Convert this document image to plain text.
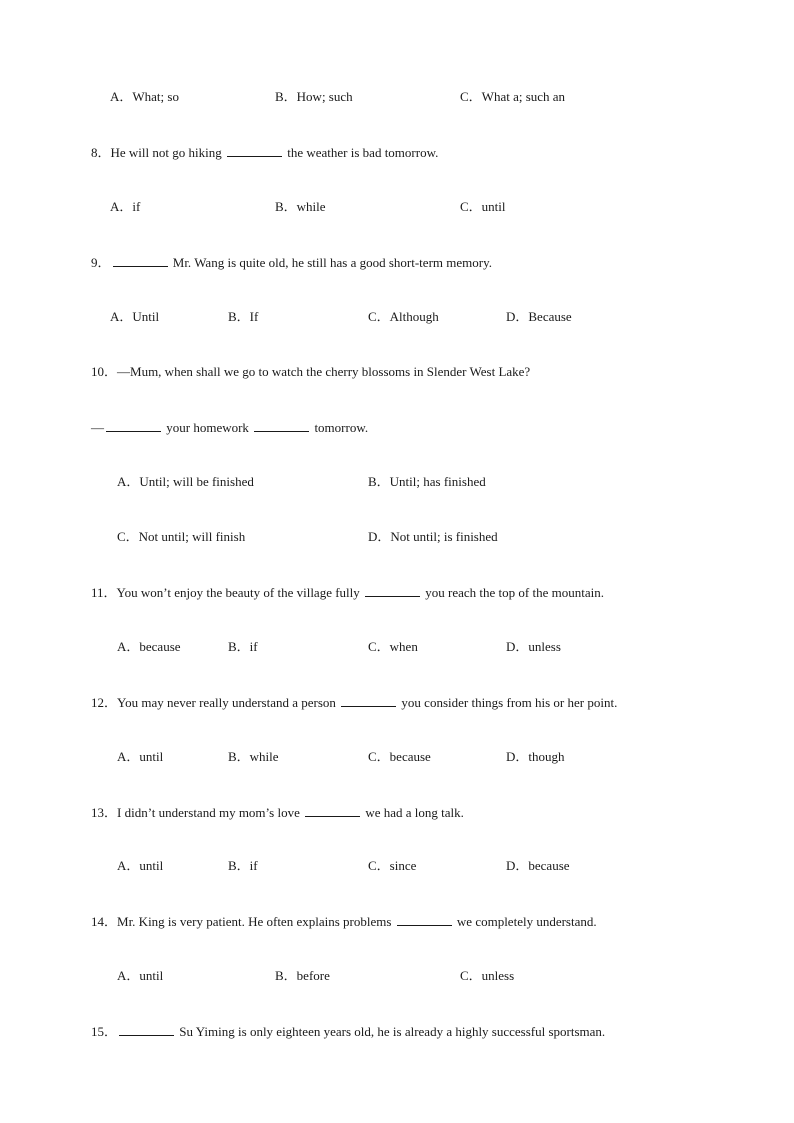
A．What; so	B．How; such	C．What a; such an
8．He will not go hiking	the weather is bad tomorrow.
A．if	B．while	C．until
9．	Mr. Wang is quite old, he still has a good short-term memory.
A．Until	B．If	C．Although	D．Because
10．—Mum, when shall we go to watch the cherry blossoms in Slender West Lake?
—	your homework	tomorrow.
A．Until; will be finished	B．Until; has finished
C．Not until; will finish	D．Not until; is finished
11．You won’t enjoy the beauty of the village fully	you reach the top of the mountain.
A．because	B．if	C．when	D．unless
12．You may never really understand a person	you consider things from his or her point.
A．until	B．while	C．because	D．though
13．I didn’t understand my mom’s love	we had a long talk.
A．until	B．if	C．since	D．because
14．Mr. King is very patient. He often explains problems	we completely understand.
A．until	B．before	C．unless
15．	Su Yiming is only eighteen years old, he is already a highly successful sportsman.
